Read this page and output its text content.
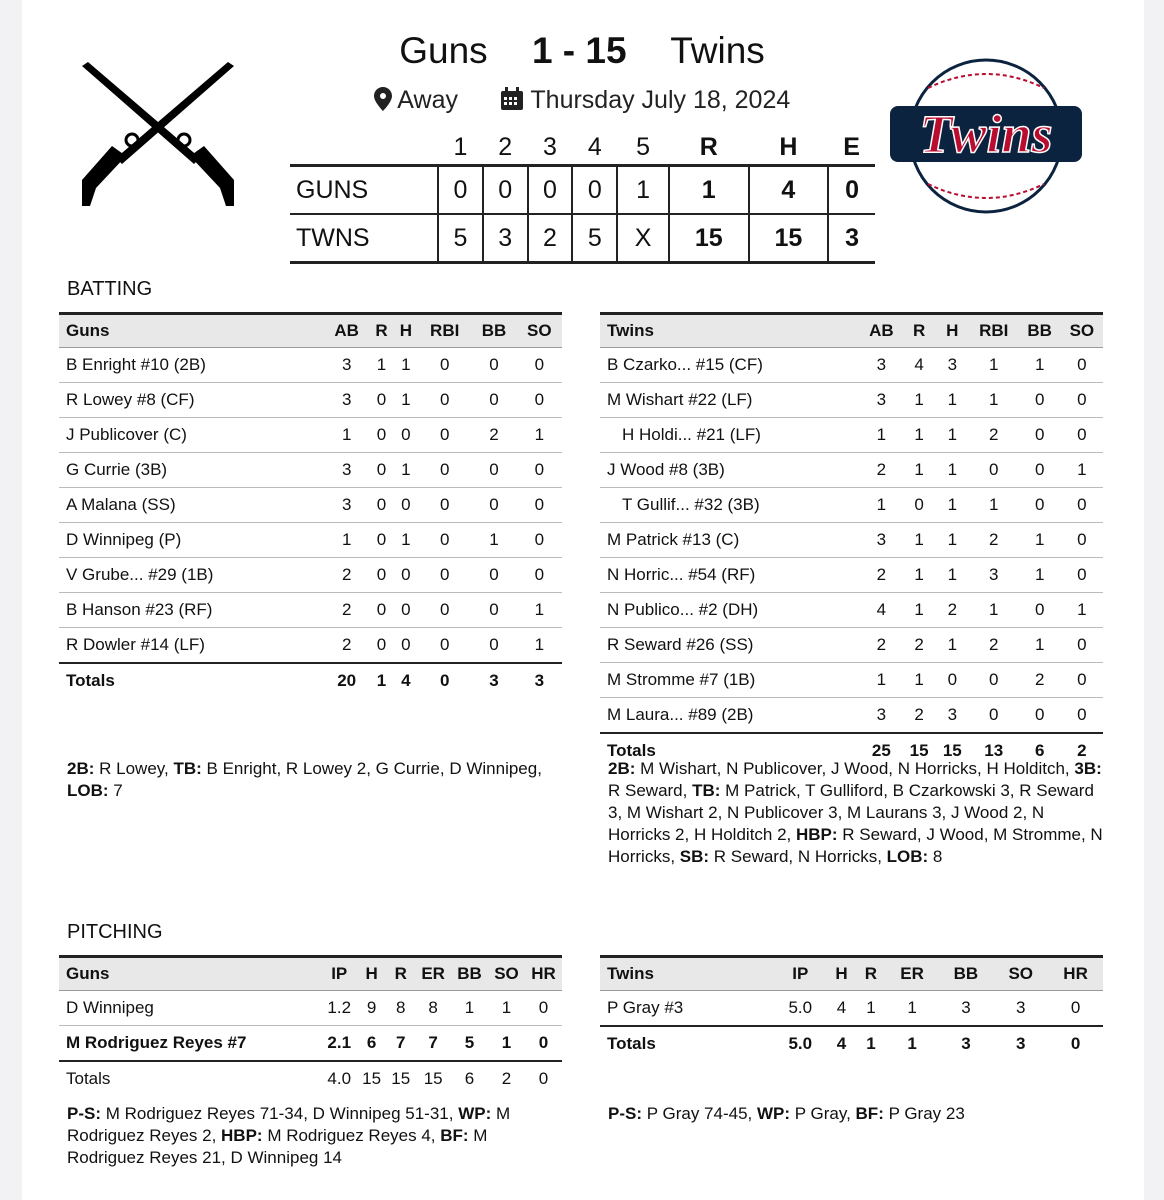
Guns 1 - 15 Twins
Away	Thursday July 18, 2024
Twins
	1	2	3	4	5	R	H	E
GUNS	0	0	0	0	1	1	4	0
TWNS	5	3	2	5	X	15	15	3
BATTING
Guns	AB	R	H	RBI	BB	SO
B Enright #10 (2B)	3	1	1	0	0	0
R Lowey #8 (CF)	3	0	1	0	0	0
J Publicover (C)	1	0	0	0	2	1
G Currie (3B)	3	0	1	0	0	0
A Malana (SS)	3	0	0	0	0	0
D Winnipeg (P)	1	0	1	0	1	0
V Grube... #29 (1B)	2	0	0	0	0	0
B Hanson #23 (RF)	2	0	0	0	0	1
R Dowler #14 (LF)	2	0	0	0	0	1
Totals	20	1	4	0	3	3
Twins	AB	R	H	RBI	BB	SO
B Czarko... #15 (CF)	3	4	3	1	1	0
M Wishart #22 (LF)	3	1	1	1	0	0
H Holdi... #21 (LF)	1	1	1	2	0	0
J Wood #8 (3B)	2	1	1	0	0	1
T Gullif... #32 (3B)	1	0	1	1	0	0
M Patrick #13 (C)	3	1	1	2	1	0
N Horric... #54 (RF)	2	1	1	3	1	0
N Publico... #2 (DH)	4	1	2	1	0	1
R Seward #26 (SS)	2	2	1	2	1	0
M Stromme #7 (1B)	1	1	0	0	2	0
M Laura... #89 (2B)	3	2	3	0	0	0
Totals	25	15	15	13	6	2
2B: R Lowey, TB: B Enright, R Lowey 2, G Currie, D Winnipeg, LOB: 7
2B: M Wishart, N Publicover, J Wood, N Horricks, H Holditch, 3B: R Seward, TB: M Patrick, T Gulliford, B Czarkowski 3, R Seward 3, M Wishart 2, N Publicover 3, M Laurans 3, J Wood 2, N Horricks 2, H Holditch 2, HBP: R Seward, J Wood, M Stromme, N Horricks, SB: R Seward, N Horricks, LOB: 8
PITCHING
Guns	IP	H	R	ER	BB	SO	HR
D Winnipeg	1.2	9	8	8	1	1	0
M Rodriguez Reyes #7	2.1	6	7	7	5	1	0
Totals	4.0	15	15	15	6	2	0
Twins	IP	H	R	ER	BB	SO	HR
P Gray #3	5.0	4	1	1	3	3	0
Totals	5.0	4	1	1	3	3	0
P-S: M Rodriguez Reyes 71-34, D Winnipeg 51-31, WP: M Rodriguez Reyes 2, HBP: M Rodriguez Reyes 4, BF: M Rodriguez Reyes 21, D Winnipeg 14
P-S: P Gray 74-45, WP: P Gray, BF: P Gray 23
